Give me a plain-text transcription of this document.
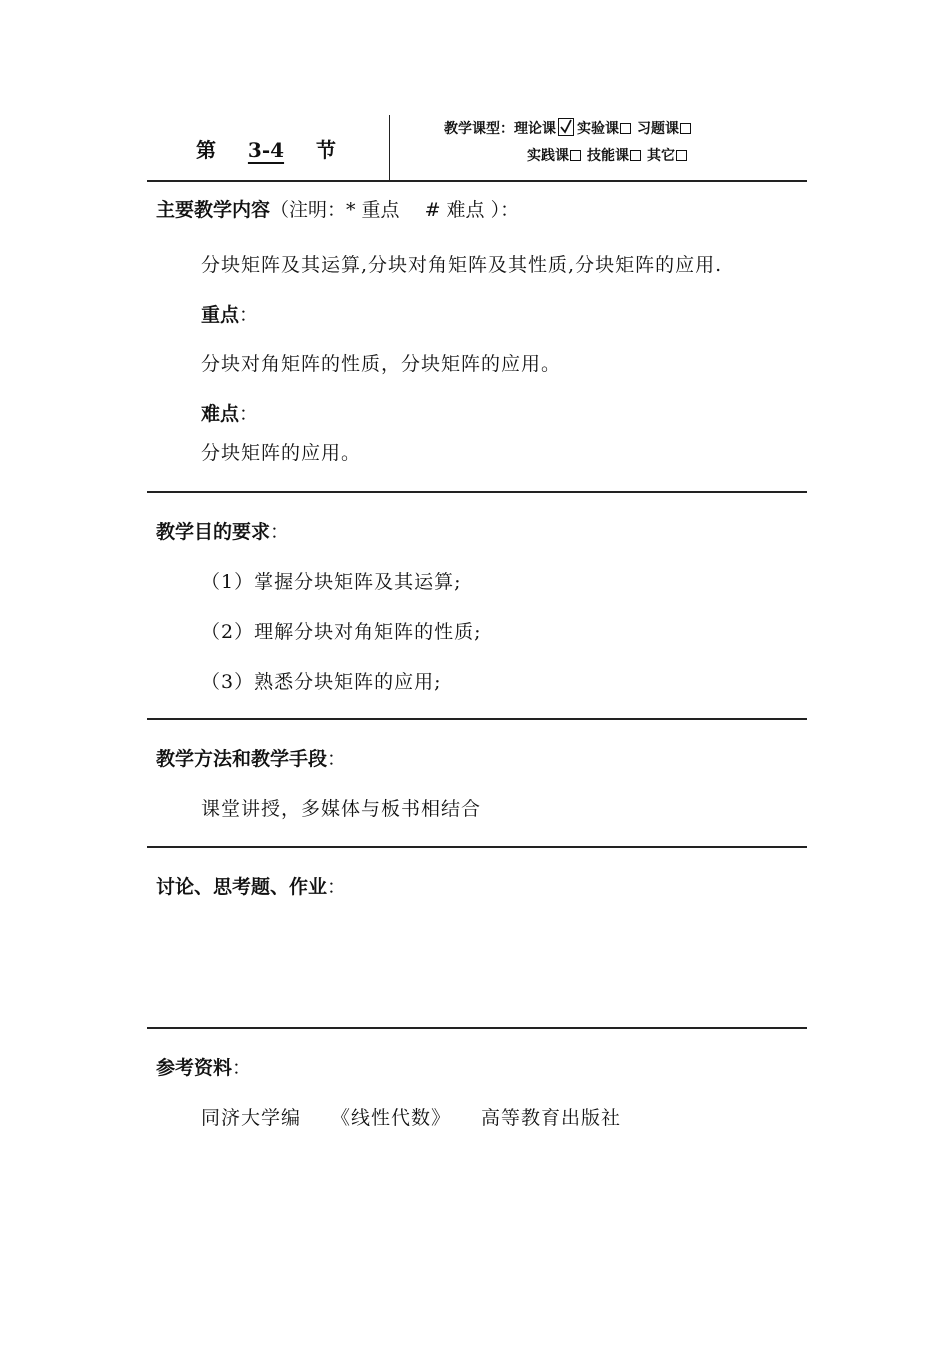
第 3-4 节
教学课型：理论课 实验课 习题课
实践课 技能课 其它
主要教学内容（注明：* 重点　 # 难点 ）：
分块矩阵及其运算,分块对角矩阵及其性质,分块矩阵的应用.
重点：
分块对角矩阵的性质，分块矩阵的应用。
难点：
分块矩阵的应用。
教学目的要求：
（1）掌握分块矩阵及其运算;
（2）理解分块对角矩阵的性质;
（3）熟悉分块矩阵的应用;
教学方法和教学手段：
课堂讲授，多媒体与板书相结合
讨论、思考题、作业：
参考资料：
同济大学编 《线性代数》 高等教育出版社
